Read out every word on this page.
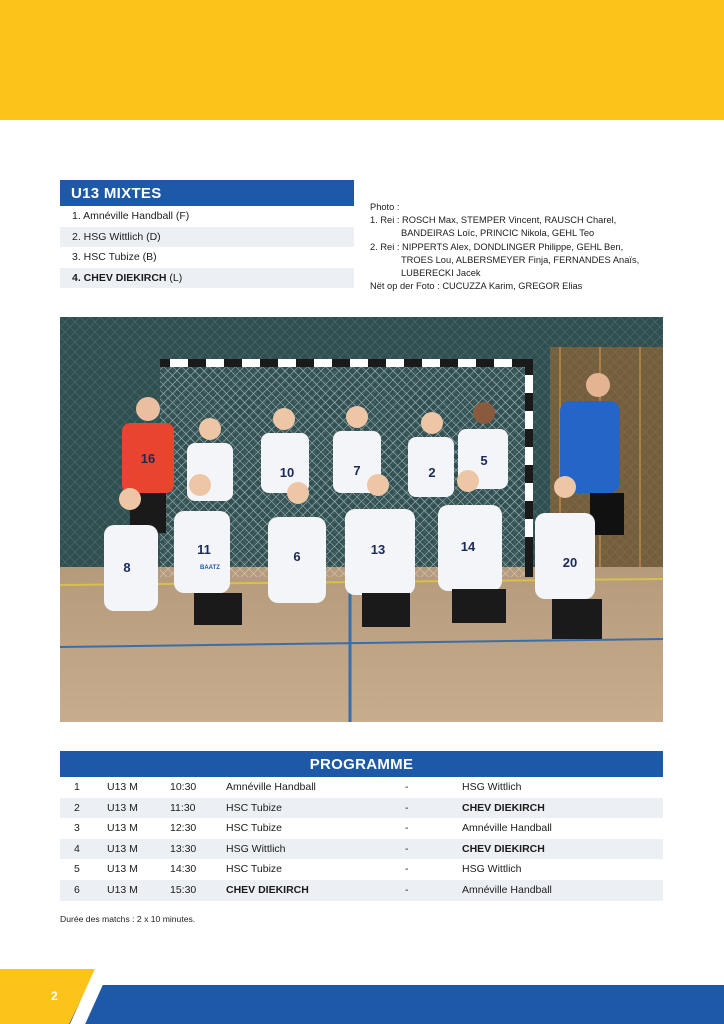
U13 MIXTES
1. Amnéville Handball (F)
2. HSG Wittlich (D)
3. HSC Tubize (B)
4. CHEV DIEKIRCH (L)
Photo :
1. Rei : ROSCH Max, STEMPER Vincent, RAUSCH Charel,
BANDEIRAS Loïc, PRINCIC Nikola, GEHL Teo
2. Rei : NIPPERTS Alex, DONDLINGER Philippe, GEHL Ben,
TROES Lou, ALBERSMEYER Finja, FERNANDES Anaïs,
LUBERECKI Jacek
Nët op der Foto : CUCUZZA Karim, GREGOR Elias
16
10	7	2
5
8
11	6	13	14
20
BAATZ
PROGRAMME
1	U13 M	10:30	Amnéville Handball	-	HSG Wittlich
2	U13 M	11:30	HSC Tubize	-	CHEV DIEKIRCH
3	U13 M	12:30	HSC Tubize	-	Amnéville Handball
4	U13 M	13:30	HSG Wittlich	-	CHEV DIEKIRCH
5	U13 M	14:30	HSC Tubize	-	HSG Wittlich
6	U13 M	15:30	CHEV DIEKIRCH	-	Amnéville Handball
Durée des matchs : 2 x 10 minutes.
2
